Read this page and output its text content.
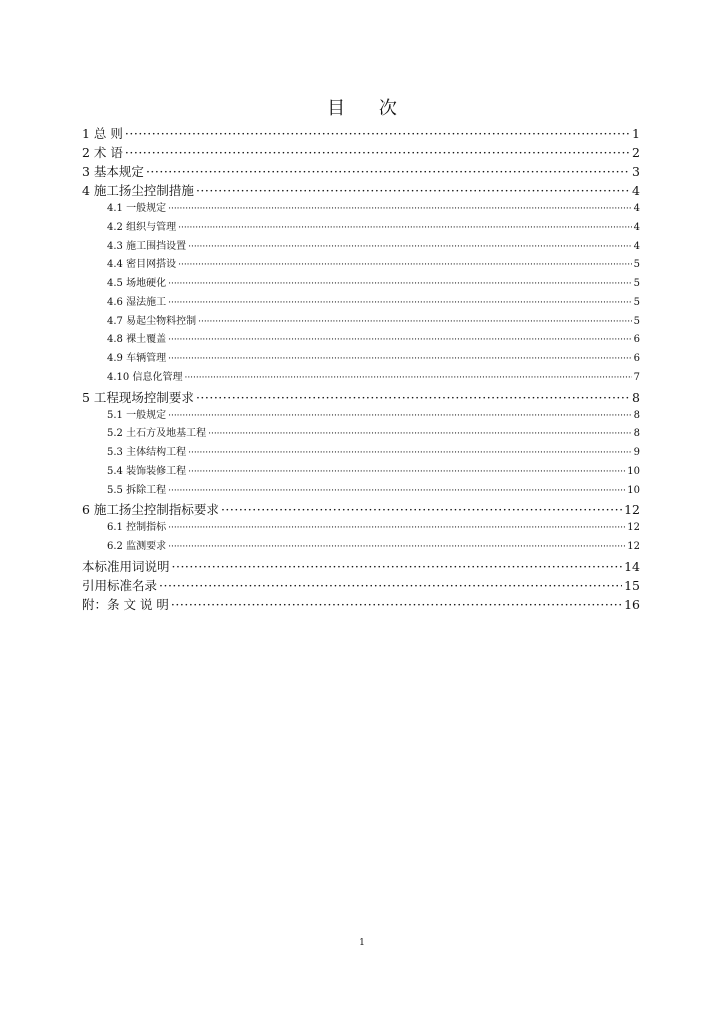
目 次
1 总 则 ·····	1
2 术 语 ·····	2
3 基本规定 ·····	3
4 施工扬尘控制措施 ·····	4
4.1 一般规定 ·····	4
4.2 组织与管理 ·····	4
4.3 施工围挡设置 ·····	4
4.4 密目网搭设 ·····	5
4.5 场地硬化 ·····	5
4.6 湿法施工 ·····	5
4.7 易起尘物料控制 ·····	5
4.8 裸土覆盖 ·····	6
4.9 车辆管理 ·····	6
4.10 信息化管理 ·····	7
5 工程现场控制要求 ·····	8
5.1 一般规定 ·····	8
5.2 土石方及地基工程 ·····	8
5.3 主体结构工程 ·····	9
5.4 装饰装修工程 ·····	10
5.5 拆除工程 ·····	10
6 施工扬尘控制指标要求 ·····	12
6.1 控制指标 ·····	12
6.2 监测要求 ·····	12
本标准用词说明 ·····	14
引用标准名录 ·····	15
附：条 文 说 明 ·····	16
1
